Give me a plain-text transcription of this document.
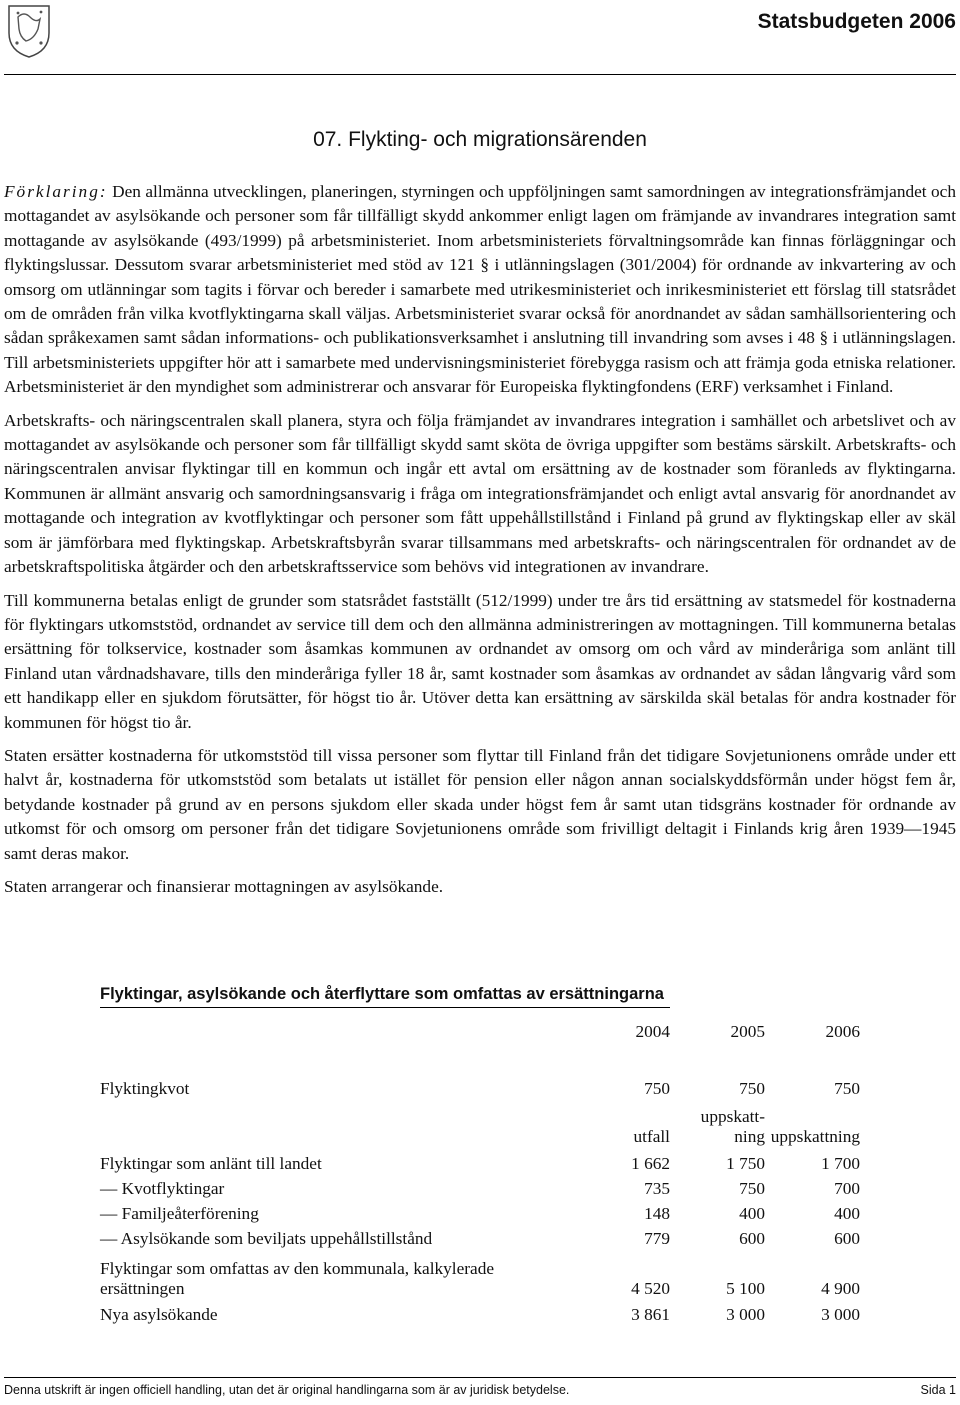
Statsbudgeten 2006
07. Flykting- och migrationsärenden

Förklaring: Den allmänna utvecklingen, planeringen, styrningen och uppföljningen samt samordningen av integrationsfrämjandet och mottagandet av asylsökande och personer som får tillfälligt skydd ankommer enligt lagen om främjande av invandrares integration samt mottagande av asylsökande (493/1999) på arbetsministeriet. Inom arbetsministeriets förvaltningsområde kan finnas förläggningar och flyktingslussar. Dessutom svarar arbetsministeriet med stöd av 121 § i utlänningslagen (301/2004) för ordnande av inkvartering av och omsorg om utlänningar som tagits i förvar och bereder i samarbete med utrikesministeriet och inrikesministeriet ett förslag till statsrådet om de områden från vilka kvotflyktingarna skall väljas. Arbetsministeriet svarar också för anordnandet av sådan samhällsorientering och sådan språkexamen samt sådan informations- och publikationsverksamhet i anslutning till invandring som avses i 48 § i utlänningslagen. Till arbetsministeriets uppgifter hör att i samarbete med undervisningsministeriet förebygga rasism och att främja goda etniska relationer. Arbetsministeriet är den myndighet som administrerar och ansvarar för Europeiska flyktingfondens (ERF) verksamhet i Finland.

Arbetskrafts- och näringscentralen skall planera, styra och följa främjandet av invandrares integration i samhället och arbetslivet och av mottagandet av asylsökande och personer som får tillfälligt skydd samt sköta de övriga uppgifter som bestäms särskilt. Arbetskrafts- och näringscentralen anvisar flyktingar till en kommun och ingår ett avtal om ersättning av de kostnader som föranleds av flyktingarna. Kommunen är allmänt ansvarig och samordningsansvarig i fråga om integrationsfrämjandet och enligt avtal ansvarig för anordnandet av mottagande och integration av kvotflyktingar och personer som fått uppehållstillstånd i Finland på grund av flyktingskap eller av skäl som är jämförbara med flyktingskap. Arbetskraftsbyrån svarar tillsammans med arbetskrafts- och näringscentralen för ordnandet av de arbetskraftspolitiska åtgärder och den arbetskraftsservice som behövs vid integrationen av invandrare.

Till kommunerna betalas enligt de grunder som statsrådet fastställt (512/1999) under tre års tid ersättning av statsmedel för kostnaderna för flyktingars utkomststöd, ordnandet av service till dem och den allmänna administreringen av mottagningen. Till kommunerna betalas ersättning för tolkservice, kostnader som åsamkas kommunen av ordnandet av omsorg om och vård av minderåriga som anlänt till Finland utan vårdnadshavare, tills den minderåriga fyller 18 år, samt kostnader som åsamkas av ordnandet av sådan långvarig vård som ett handikapp eller en sjukdom förutsätter, för högst tio år. Utöver detta kan ersättning av särskilda skäl betalas för andra kostnader för kommunen för högst tio år.

Staten ersätter kostnaderna för utkomststöd till vissa personer som flyttar till Finland från det tidigare Sovjetunionens område under ett halvt år, kostnaderna för utkomststöd som betalats ut istället för pension eller någon annan socialskyddsförmån under högst fem år, betydande kostnader på grund av en persons sjukdom eller skada under högst fem år samt utan tidsgräns kostnader för ordnande av utkomst för och omsorg om personer från det tidigare Sovjetunionens område som frivilligt deltagit i Finlands krig åren 1939—1945 samt deras makor.

Staten arrangerar och finansierar mottagningen av asylsökande.

Flyktingar, asylsökande och återflyttare som omfattas av ersättningarna
	2004	2005	2006
Flyktingkvot	750	750	750
	utfall	uppskatt-ning	uppskattning
Flyktingar som anlänt till landet	1 662	1 750	1 700
— Kvotflyktingar	735	750	700
— Familjeåterförening	148	400	400
— Asylsökande som beviljats uppehållstillstånd	779	600	600
Flyktingar som omfattas av den kommunala, kalkylerade ersättningen	4 520	5 100	4 900
Nya asylsökande	3 861	3 000	3 000
Denna utskrift är ingen officiell handling, utan det är original handlingarna som är av juridisk betydelse.	Sida 1
